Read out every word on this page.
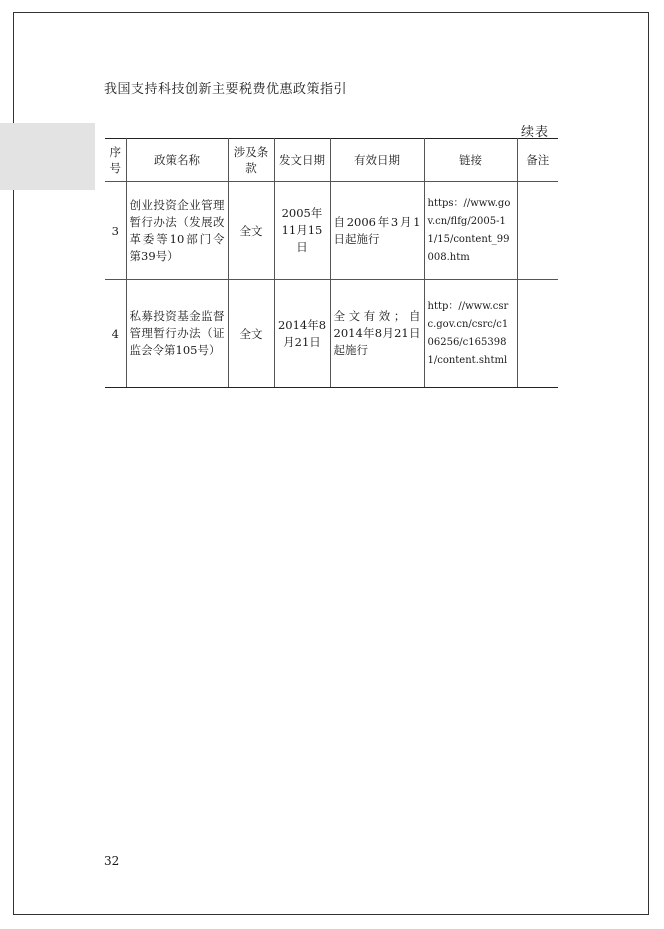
我国支持科技创新主要税费优惠政策指引
续表
序号	政策名称	涉及条款	发文日期	有效日期	链接	备注
3	创业投资企业管理暂行办法（发展改革委等10部门令第39号）	全文	2005年11月15日	自2006年3月1日起施行	https：//www.gov.cn/flfg/2005-11/15/content_99008.htm	
4	私募投资基金监督管理暂行办法（证监会令第105号）	全文	2014年8月21日	全文有效；自2014年8月21日起施行	http：//www.csrc.gov.cn/csrc/c106256/c1653981/content.shtml	
32
